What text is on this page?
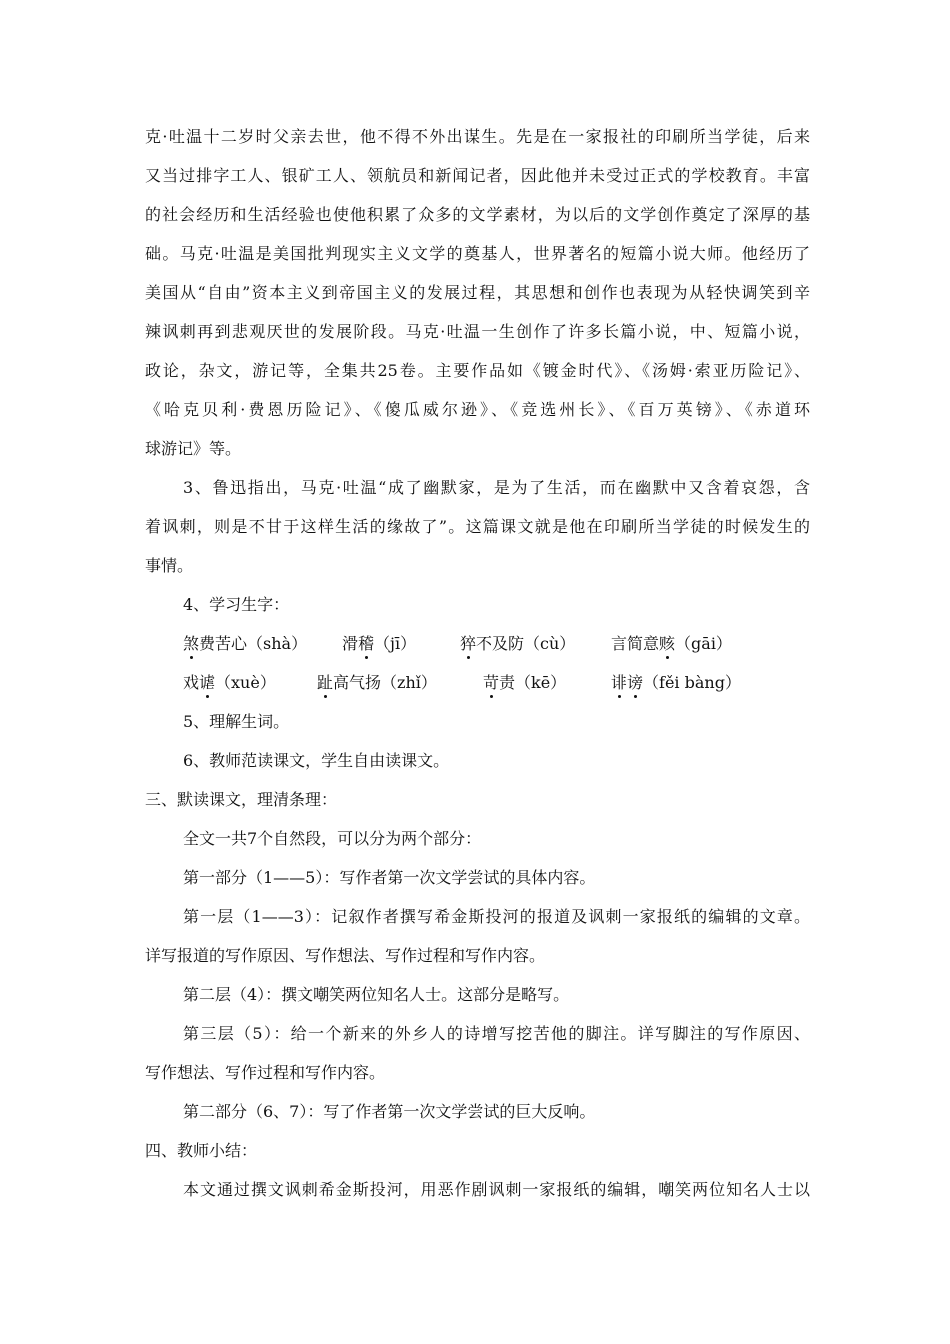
克·吐温十二岁时父亲去世，他不得不外出谋生。先是在一家报社的印刷所当学徒，后来
又当过排字工人、银矿工人、领航员和新闻记者，因此他并未受过正式的学校教育。丰富
的社会经历和生活经验也使他积累了众多的文学素材，为以后的文学创作奠定了深厚的基
础。马克·吐温是美国批判现实主义文学的奠基人，世界著名的短篇小说大师。他经历了
美国从“自由”资本主义到帝国主义的发展过程，其思想和创作也表现为从轻快调笑到辛
辣讽刺再到悲观厌世的发展阶段。马克·吐温一生创作了许多长篇小说，中、短篇小说，
政论，杂文，游记等，全集共25卷。主要作品如《镀金时代》、《汤姆·索亚历险记》、
《哈克贝利·费恩历险记》、《傻瓜威尔逊》、《竞选州长》、《百万英镑》、《赤道环
球游记》等。
3、鲁迅指出，马克·吐温“成了幽默家，是为了生活，而在幽默中又含着哀怨，含
着讽刺，则是不甘于这样生活的缘故了”。这篇课文就是他在印刷所当学徒的时候发生的
事情。
4、学习生字：
煞费苦心（shà） 滑稽（jī）	猝不及防（cù） 言简意赅（gāi）
戏谑（xuè）	趾高气扬（zhǐ）	苛责（kē）	诽谤（fěi bàng）
5、理解生词。
6、教师范读课文，学生自由读课文。
三、默读课文，理清条理：
全文一共7个自然段，可以分为两个部分：
第一部分（1——5）：写作者第一次文学尝试的具体内容。
第一层（1——3）：记叙作者撰写希金斯投河的报道及讽刺一家报纸的编辑的文章。
详写报道的写作原因、写作想法、写作过程和写作内容。
第二层（4）：撰文嘲笑两位知名人士。这部分是略写。
第三层（5）：给一个新来的外乡人的诗增写挖苦他的脚注。详写脚注的写作原因、
写作想法、写作过程和写作内容。
第二部分（6、7）：写了作者第一次文学尝试的巨大反响。
四、教师小结：
本文通过撰文讽刺希金斯投河，用恶作剧讽刺一家报纸的编辑，嘲笑两位知名人士以
